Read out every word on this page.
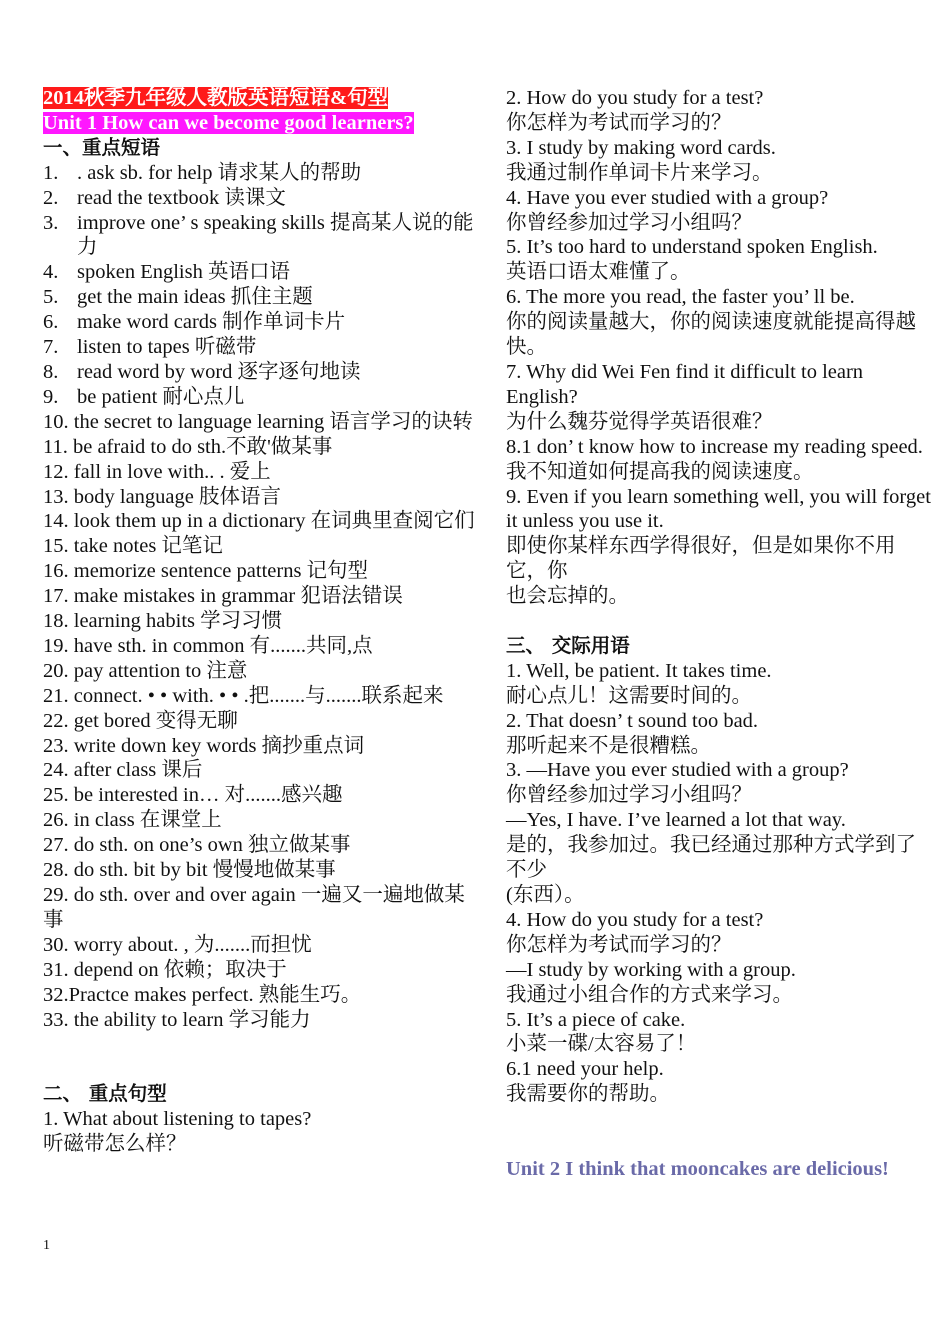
2014秋季九年级人教版英语短语&句型
Unit 1 How can we become good learners?
一、重点短语
1. . ask sb. for help 请求某人的帮助
2. read the textbook 读课文
3. improve one’ s speaking skills 提高某人说的能力
4. spoken English 英语口语
5. get the main ideas 抓住主题
6. make word cards 制作单词卡片
7. listen to tapes 听磁带
8. read word by word 逐字逐句地读
9. be patient 耐心点儿
10. the secret to language learning 语言学习的诀转
11. be afraid to do sth.不敢'做某事
12. fall in love with.. . 爱上
13. body language 肢体语言
14. look them up in a dictionary 在词典里查阅它们
15. take notes 记笔记
16. memorize sentence patterns 记句型
17. make mistakes in grammar 犯语法错误
18. learning habits 学习习惯
19. have sth. in common 有.......共同,点
20. pay attention to 注意
21. connect. • • with. • • .把.......与.......联系起来
22. get bored 变得无聊
23. write down key words 摘抄重点词
24. after class 课后
25. be interested in… 对.......感兴趣
26. in class 在课堂上
27. do sth. on one’s own 独立做某事
28. do sth. bit by bit 慢慢地做某事
29. do sth. over and over again 一遍又一遍地做某事
30. worry about. , 为.......而担忧
31. depend on 依赖；取决于
32.Practce makes perfect. 熟能生巧。
33. the ability to learn 学习能力
二、 重点句型
1. What about listening to tapes?
听磁带怎么样？
2. How do you study for a test?
你怎样为考试而学习的？
3. I study by making word cards.
我通过制作单词卡片来学习。
4. Have you ever studied with a group?
你曾经参加过学习小组吗？
5. It’s too hard to understand spoken English.
英语口语太难懂了。
6. The more you read, the faster you’ ll be.
你的阅读量越大，你的阅读速度就能提高得越快。
7. Why did Wei Fen find it difficult to learn English?
为什么魏芬觉得学英语很难？
8.1 don’ t know how to increase my reading speed.
我不知道如何提高我的阅读速度。
9. Even if you learn something well, you will forget
it unless you use it.
即使你某样东西学得很好，但是如果你不用它，你
也会忘掉的。
三、 交际用语
1. Well, be patient. It takes time.
耐心点儿！这需要时间的。
2. That doesn’ t sound too bad.
那听起来不是很糟糕。
3. —Have you ever studied with a group?
你曾经参加过学习小组吗？
—Yes, I have. I’ve learned a lot that way.
是的，我参加过。我已经通过那种方式学到了不少
(东西）。
4. How do you study for a test?
你怎样为考试而学习的？
—I study by working with a group.
我通过小组合作的方式来学习。
5. It’s a piece of cake.
小菜一碟/太容易了！
6.1 need your help.
我需要你的帮助。
Unit 2 I think that mooncakes are delicious!
1
